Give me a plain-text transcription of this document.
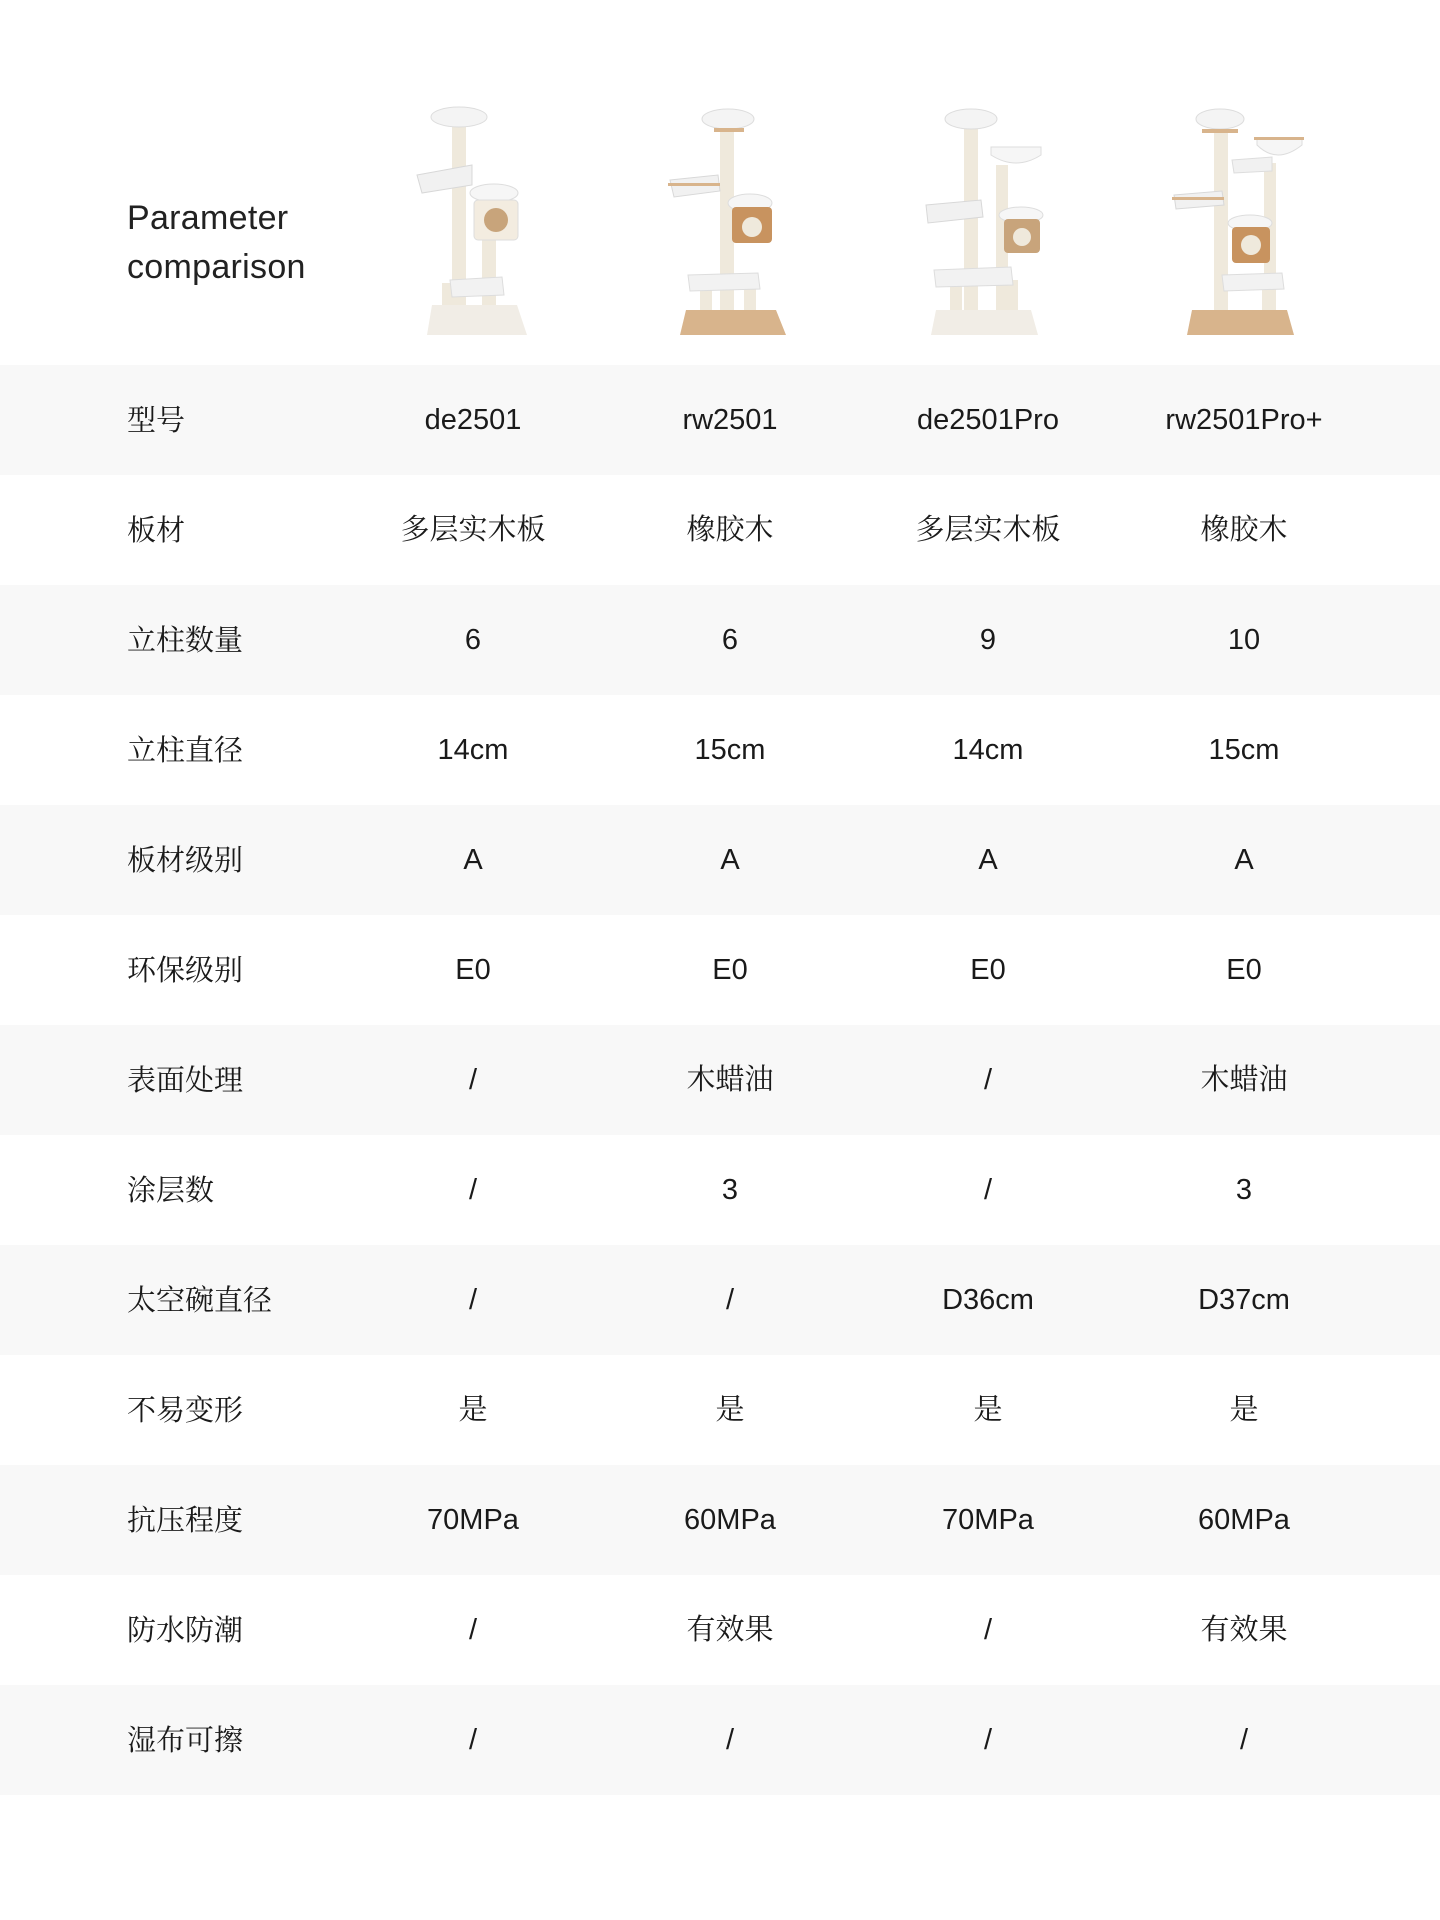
Parameter
comparison
型号	de2501	rw2501	de2501Pro	rw2501Pro+
板材	多层实木板	橡胶木	多层实木板	橡胶木
立柱数量	6	6	9	10
立柱直径	14cm	15cm	14cm	15cm
板材级别	A	A	A	A
环保级别	E0	E0	E0	E0
表面处理	/	木蜡油	/	木蜡油
涂层数	/	3	/	3
太空碗直径	/	/	D36cm	D37cm
不易变形	是	是	是	是
抗压程度	70MPa	60MPa	70MPa	60MPa
防水防潮	/	有效果	/	有效果
湿布可擦	/	/	/	/
